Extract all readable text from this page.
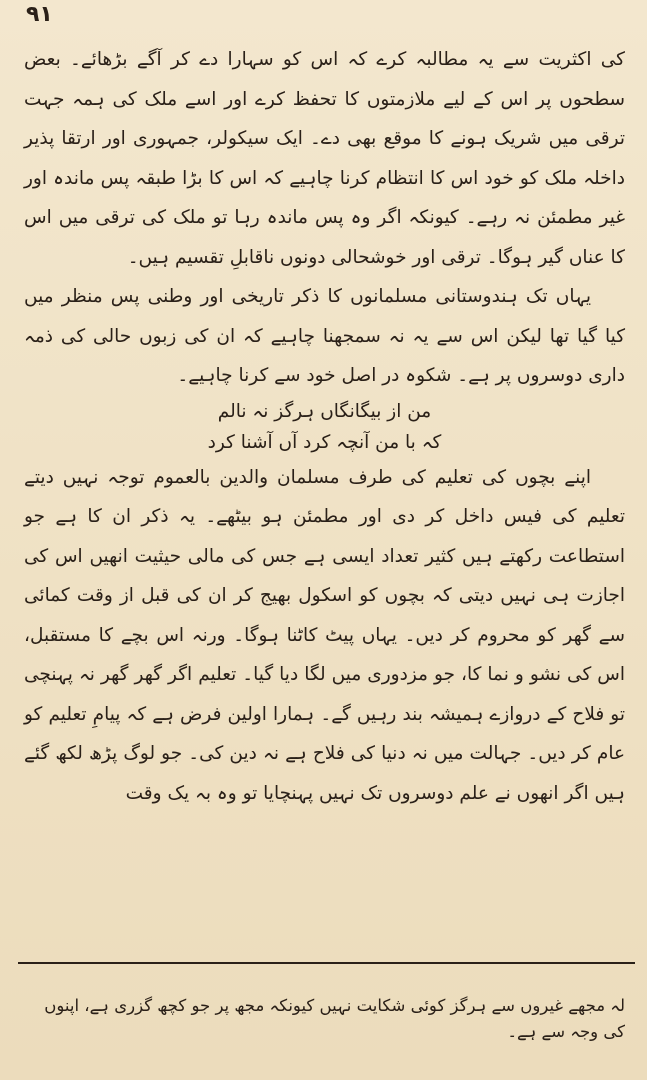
۹۱

کی اکثریت سے یہ مطالبہ کرے کہ اس کو سہارا دے کر آگے بڑھائے۔ بعض سطحوں پر اس کے لیے ملازمتوں کا تحفظ کرے اور اسے ملک کی ہمہ جہت ترقی میں شریک ہونے کا موقع بھی دے۔ ایک سیکولر، جمہوری اور ارتقا پذیر داخلہ ملک کو خود اس کا انتظام کرنا چاہیے کہ اس کا بڑا طبقہ پس ماندہ اور غیر مطمئن نہ رہے۔ کیونکہ اگر وہ پس ماندہ رہا تو ملک کی ترقی میں اس کا عناں گیر ہوگا۔ ترقی اور خوشحالی دونوں ناقابلِ تقسیم ہیں۔

یہاں تک ہندوستانی مسلمانوں کا ذکر تاریخی اور وطنی پس منظر میں کیا گیا تھا لیکن اس سے یہ نہ سمجھنا چاہیے کہ ان کی زبوں حالی کی ذمہ داری دوسروں پر ہے۔ شکوہ در اصل خود سے کرنا چاہیے۔

من از بیگانگاں ہرگز نہ نالم

کہ با من آنچہ کرد آں آشنا کرد

اپنے بچوں کی تعلیم کی طرف مسلمان والدین بالعموم توجہ نہیں دیتے تعلیم کی فیس داخل کر دی اور مطمئن ہو بیٹھے۔ یہ ذکر ان کا ہے جو استطاعت رکھتے ہیں کثیر تعداد ایسی ہے جس کی مالی حیثیت انھیں اس کی اجازت ہی نہیں دیتی کہ بچوں کو اسکول بھیج کر ان کی قبل از وقت کمائی سے گھر کو محروم کر دیں۔ یہاں پیٹ کاٹنا ہوگا۔ ورنہ اس بچے کا مستقبل، اس کی نشو و نما کا، جو مزدوری میں لگا دیا گیا۔ تعلیم اگر گھر گھر نہ پہنچی تو فلاح کے دروازے ہمیشہ بند رہیں گے۔ ہمارا اولین فرض ہے کہ پیامِ تعلیم کو عام کر دیں۔ جہالت میں نہ دنیا کی فلاح ہے نہ دین کی۔ جو لوگ پڑھ لکھ گئے ہیں اگر انھوں نے علم دوسروں تک نہیں پہنچایا تو وہ بہ یک وقت

لہ مجھے غیروں سے ہرگز کوئی شکایت نہیں کیونکہ مجھ پر جو کچھ گزری ہے، اپنوں کی وجہ سے ہے۔
